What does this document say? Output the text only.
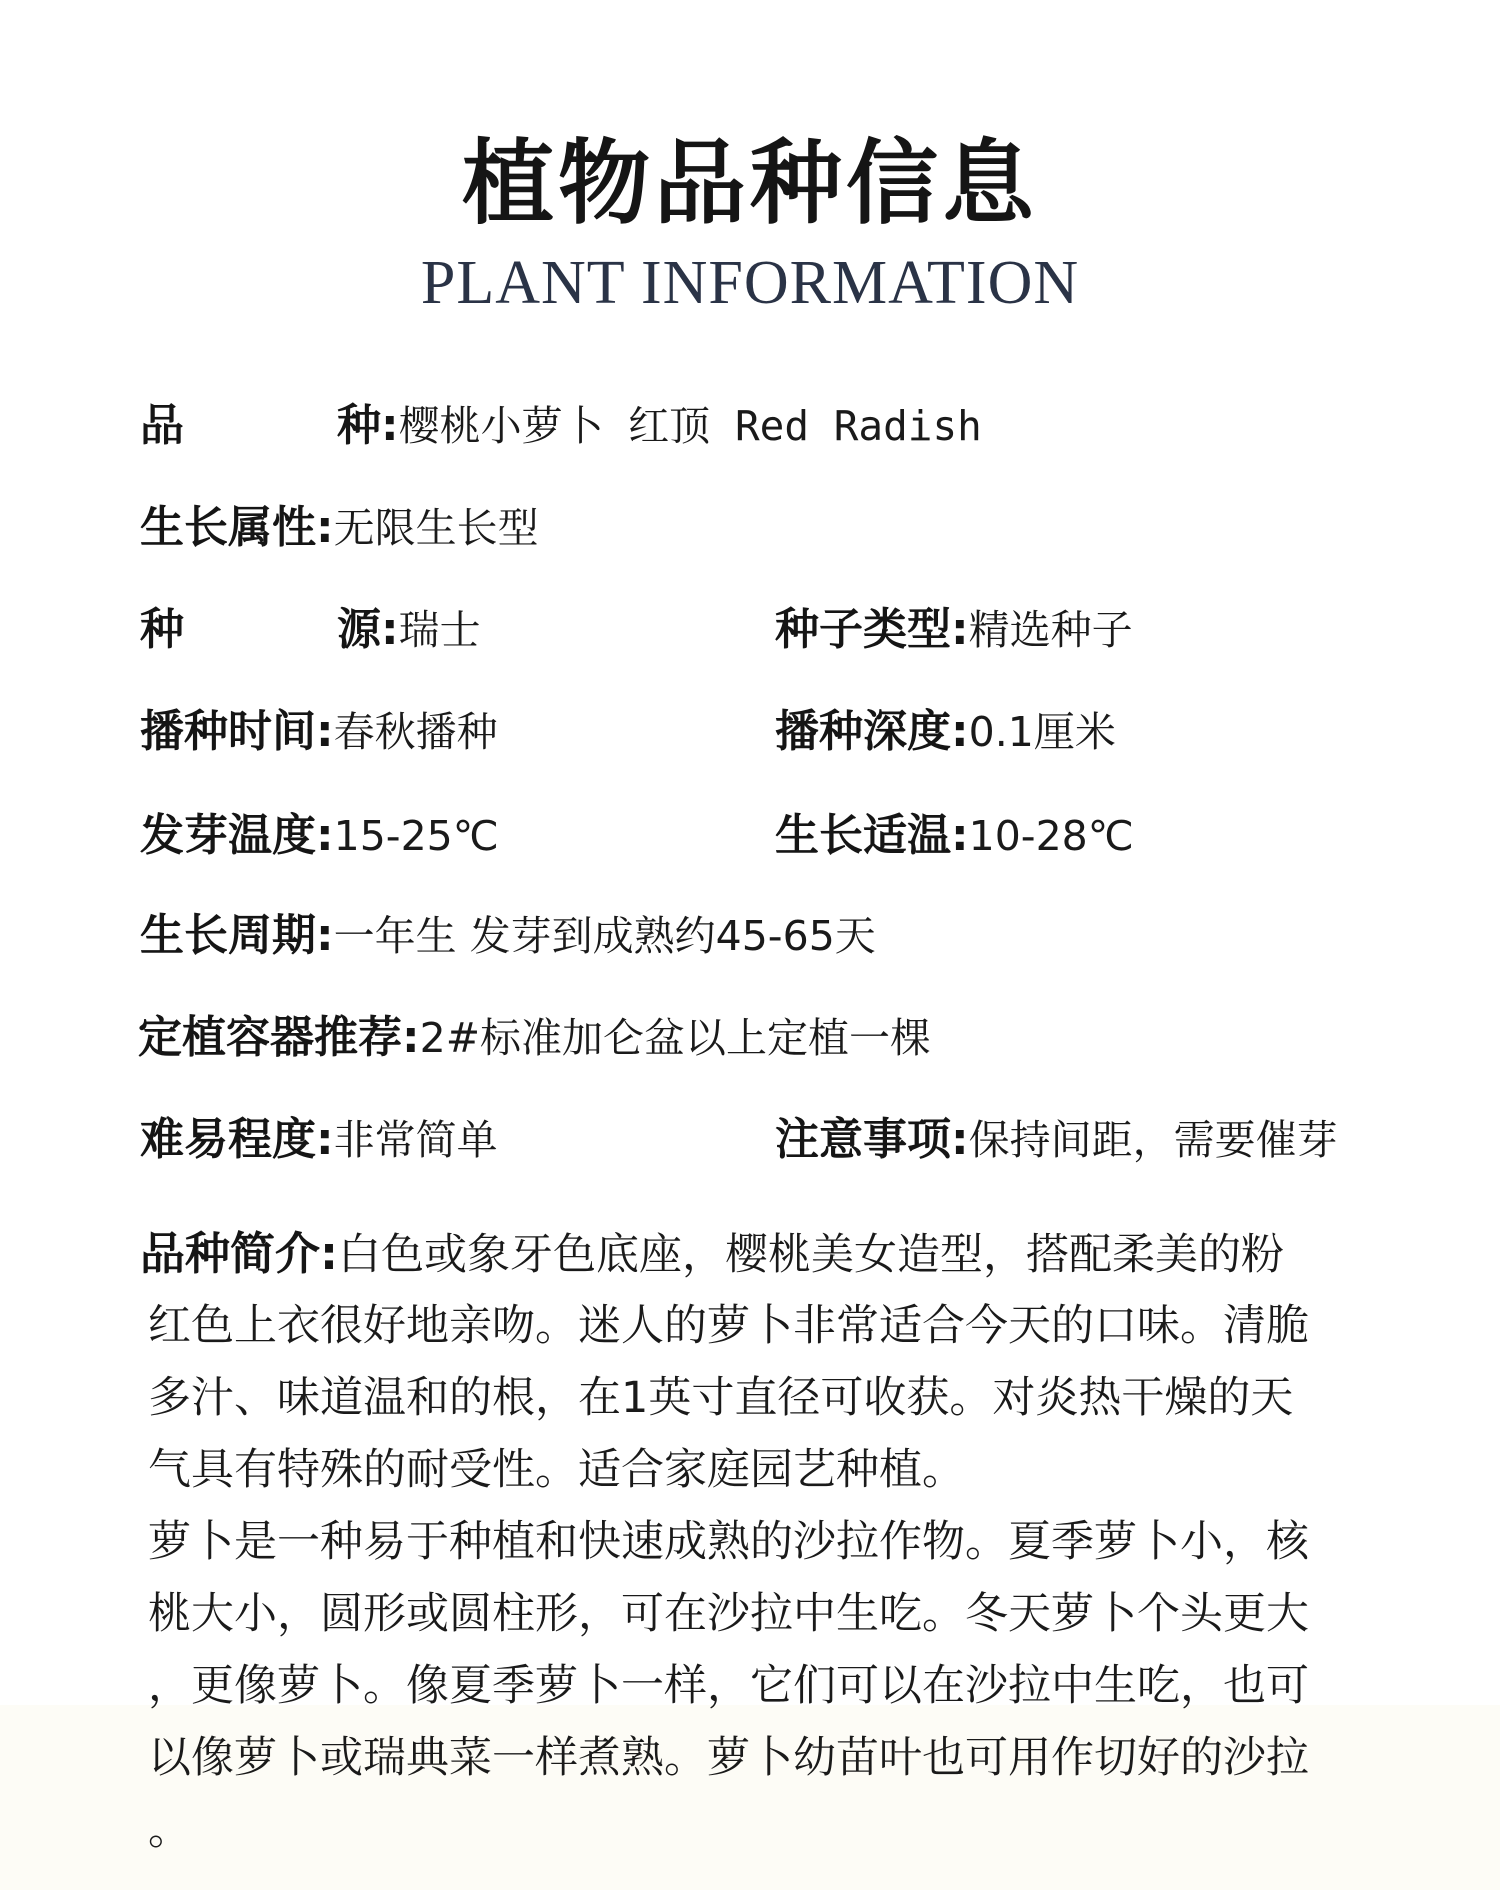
植物品种信息
PLANT INFORMATION
品种:樱桃小萝卜 红顶 Red Radish
生长属性:无限生长型
种源:瑞士	种子类型:精选种子
播种时间:春秋播种	播种深度:0.1厘米
发芽温度:15-25℃	生长适温:10-28℃
生长周期:一年生 发芽到成熟约45-65天
定植容器推荐:2#标准加仑盆以上定植一棵
难易程度:非常简单	注意事项:保持间距，需要催芽
品种简介:白色或象牙色底座，樱桃美女造型，搭配柔美的粉
红色上衣很好地亲吻。迷人的萝卜非常适合今天的口味。清脆
多汁、味道温和的根，在1英寸直径可收获。对炎热干燥的天
气具有特殊的耐受性。适合家庭园艺种植。
萝卜是一种易于种植和快速成熟的沙拉作物。夏季萝卜小，核
桃大小，圆形或圆柱形，可在沙拉中生吃。冬天萝卜个头更大
，更像萝卜。像夏季萝卜一样，它们可以在沙拉中生吃，也可
以像萝卜或瑞典菜一样煮熟。萝卜幼苗叶也可用作切好的沙拉
。
